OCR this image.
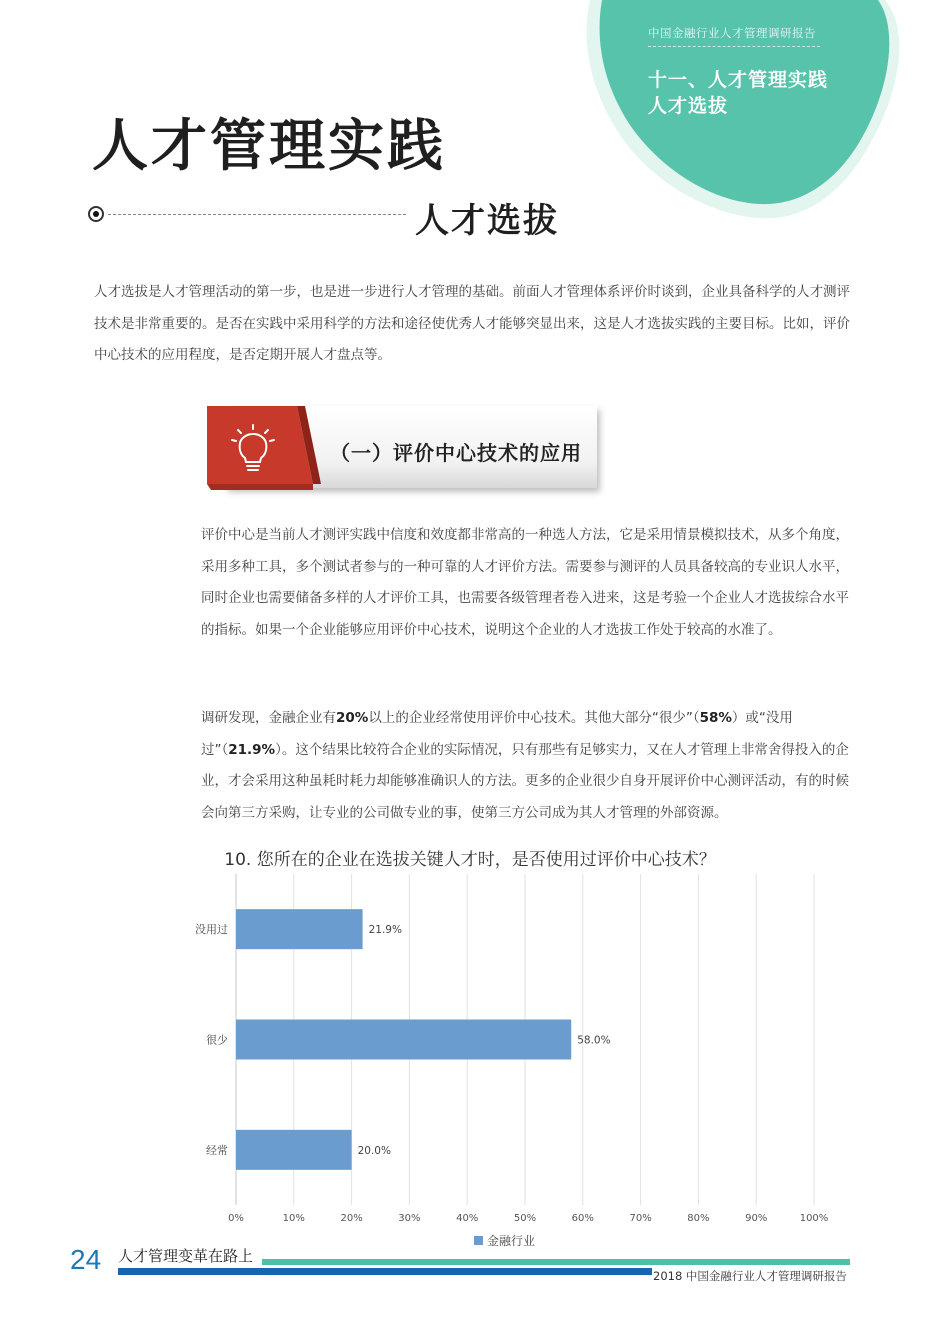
中国金融行业人才管理调研报告
十一、人才管理实践
人才选拔
人才管理实践
人才选拔
人才选拔是人才管理活动的第一步，也是进一步进行人才管理的基础。前面人才管理体系评价时谈到，企业具备科学的人才测评技术是非常重要的。是否在实践中采用科学的方法和途径使优秀人才能够突显出来，这是人才选拔实践的主要目标。比如，评价中心技术的应用程度，是否定期开展人才盘点等。
（一）评价中心技术的应用
评价中心是当前人才测评实践中信度和效度都非常高的一种选人方法，它是采用情景模拟技术，从多个角度，采用多种工具，多个测试者参与的一种可靠的人才评价方法。需要参与测评的人员具备较高的专业识人水平，同时企业也需要储备多样的人才评价工具，也需要各级管理者卷入进来，这是考验一个企业人才选拔综合水平的指标。如果一个企业能够应用评价中心技术，说明这个企业的人才选拔工作处于较高的水准了。
调研发现，金融企业有20%以上的企业经常使用评价中心技术。其他大部分“很少”（58%）或“没用过”（21.9%）。这个结果比较符合企业的实际情况，只有那些有足够实力，又在人才管理上非常舍得投入的企业，才会采用这种虽耗时耗力却能够准确识人的方法。更多的企业很少自身开展评价中心测评活动，有的时候会向第三方采购，让专业的公司做专业的事，使第三方公司成为其人才管理的外部资源。
10. 您所在的企业在选拔关键人才时，是否使用过评价中心技术？
没用过	21.9%
很少	58.0%
经常	20.0%
0%	10%	20%	30%	40%	50%	60%	70%	80%	90%	100%
金融行业
24 人才管理变革在路上
2018 中国金融行业人才管理调研报告
